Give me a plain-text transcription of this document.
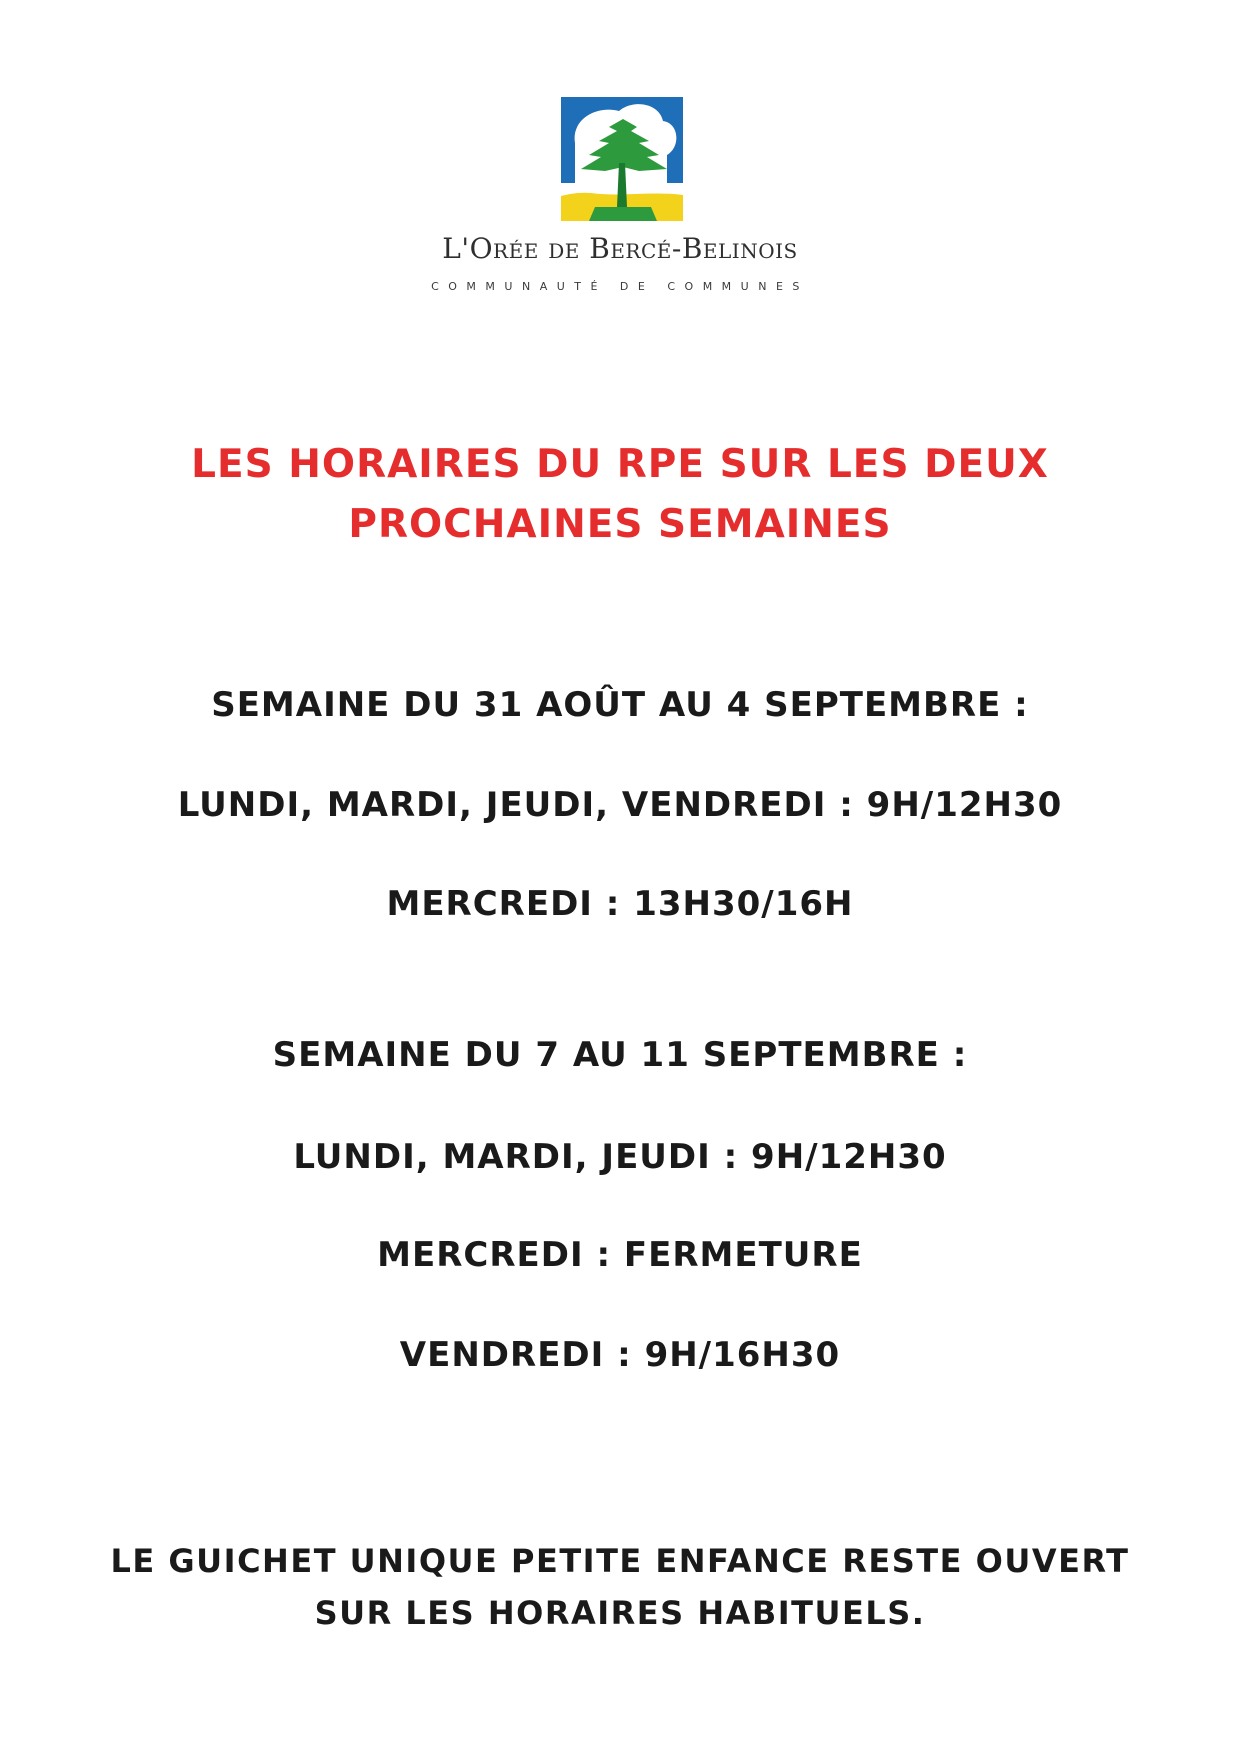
L'Orée de Bercé-Belinois
COMMUNAUTÉ DE COMMUNES
LES HORAIRES DU RPE SUR LES DEUX PROCHAINES SEMAINES
SEMAINE DU 31 AOÛT AU 4 SEPTEMBRE :
LUNDI, MARDI, JEUDI, VENDREDI : 9H/12H30
MERCREDI : 13H30/16H
SEMAINE DU 7 AU 11 SEPTEMBRE :
LUNDI, MARDI, JEUDI : 9H/12H30
MERCREDI : FERMETURE
VENDREDI : 9H/16H30
LE GUICHET UNIQUE PETITE ENFANCE RESTE OUVERT SUR LES HORAIRES HABITUELS.
